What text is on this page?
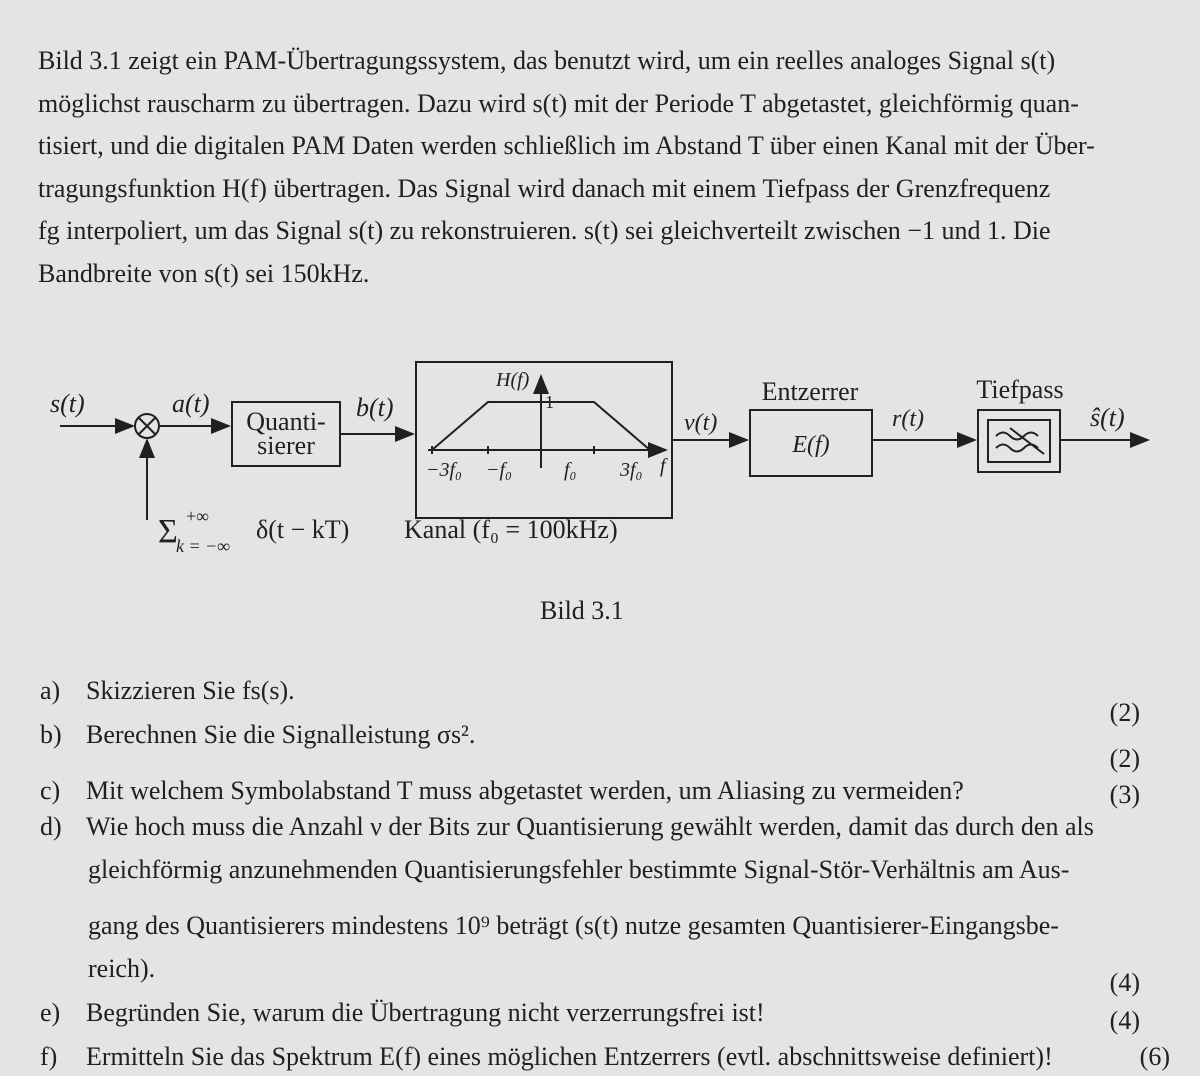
Bild 3.1 zeigt ein PAM-Übertragungssystem, das benutzt wird, um ein reelles analoges Signal s(t)

möglichst rauscharm zu übertragen. Dazu wird s(t) mit der Periode T abgetastet, gleichförmig quan-

tisiert, und die digitalen PAM Daten werden schließlich im Abstand T über einen Kanal mit der Über-

tragungsfunktion H(f) übertragen. Das Signal wird danach mit einem Tiefpass der Grenzfrequenz

fg interpoliert, um das Signal s(t) zu rekonstruieren. s(t) sei gleichverteilt zwischen −1 und 1. Die

Bandbreite von s(t) sei 150kHz.

s(t)	a(t)
Quanti-
sierer
b(t)
H(f)
1
−3f₀ −f₀	f₀ 3f₀ f
v(t)
Entzerrer
E(f)
r(t)
Tiefpass
ŝ(t)
Σ +∞
k = −∞
δ(t − kT) Kanal (f₀ = 100kHz)
Bild 3.1
a) Skizzieren Sie fs(s).
(2)
b) Berechnen Sie die Signalleistung σs².
(2)
c) Mit welchem Symbolabstand T muss abgetastet werden, um Aliasing zu vermeiden?	(3)
d) Wie hoch muss die Anzahl ν der Bits zur Quantisierung gewählt werden, damit das durch den als
gleichförmig anzunehmenden Quantisierungsfehler bestimmte Signal-Stör-Verhältnis am Aus-
gang des Quantisierers mindestens 10⁹ beträgt (s(t) nutze gesamten Quantisierer-Eingangsbe-
reich).	(4)
e) Begründen Sie, warum die Übertragung nicht verzerrungsfrei ist!	(4)
f) Ermitteln Sie das Spektrum E(f) eines möglichen Entzerrers (evtl. abschnittsweise definiert)!	(6)
